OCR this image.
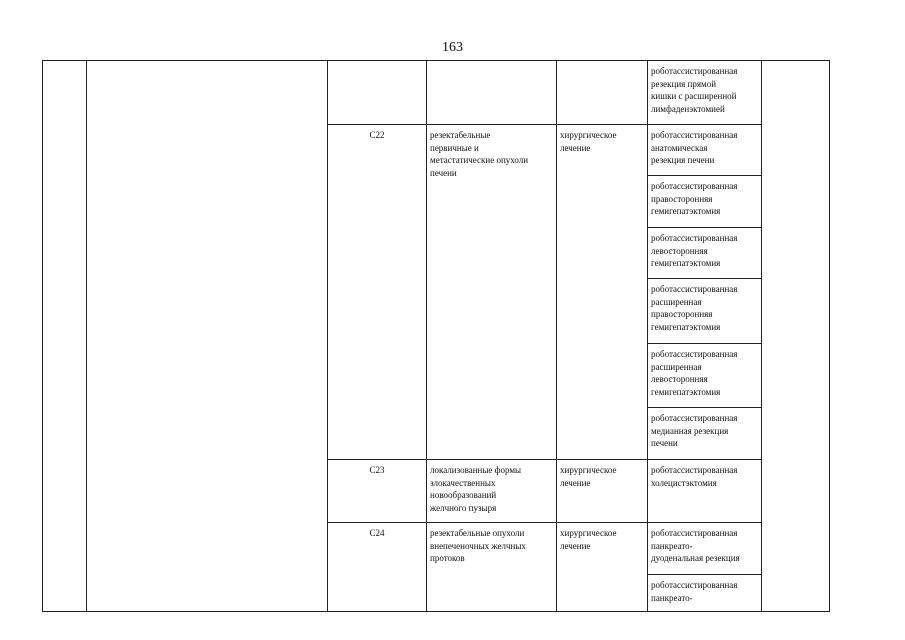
163

					роботассистированная
резекция прямой
кишки с расширенной
лимфаденэктомией	

		C22	резектабельные
первичные и
метастатические опухоли
печени	хирургическое
лечение	роботассистированная
анатомическая
резекция печени	

					роботассистированная
правосторонняя
гемигепатэктомия	

					роботассистированная
левосторонняя
гемигепатэктомия	

					роботассистированная
расширенная
правосторонняя
гемигепатэктомия	

					роботассистированная
расширенная
левосторонняя
гемигепатэктомия	

					роботассистированная
медианная резекция
печени	

		C23	локализованные формы
злокачественных
новообразований
желчного пузыря	хирургическое
лечение	роботассистированная
холецистэктомия	

		C24	резектабельные опухоли
внепеченочных желчных
протоков	хирургическое
лечение	роботассистированная
панкреато-
дуоденальная резекция	

					роботассистированная
панкреато-	
